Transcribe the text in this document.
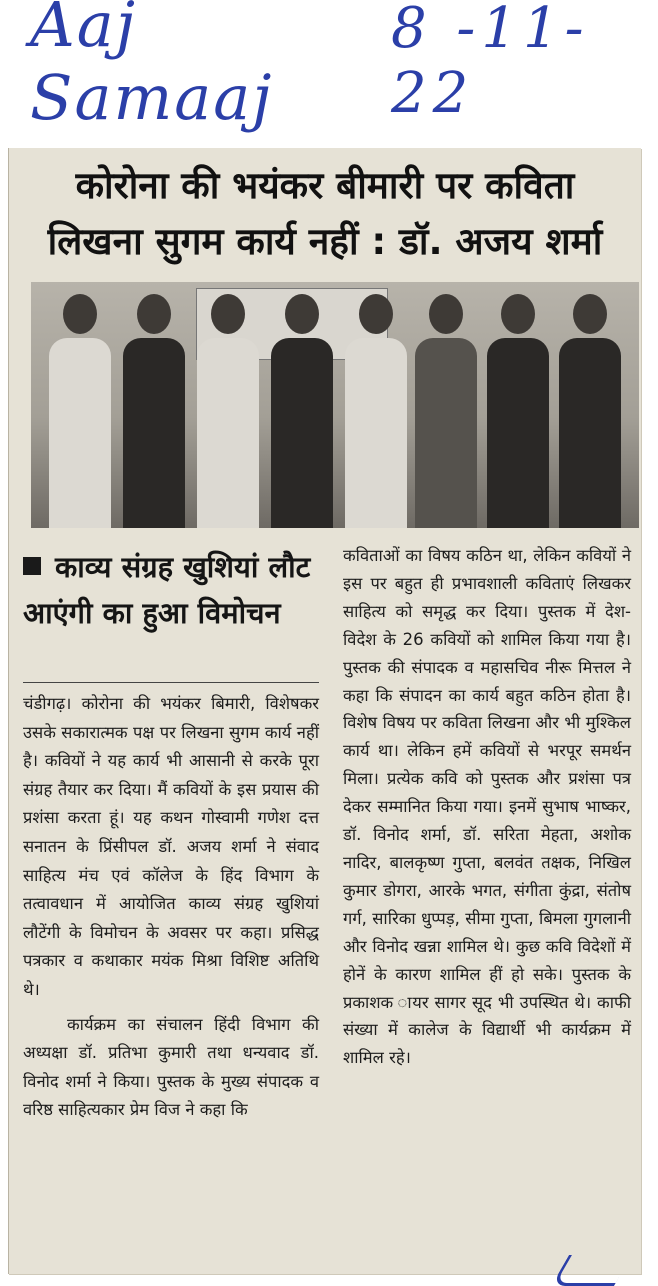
Aaj Samaaj
8 -11- 22
कोरोना की भयंकर बीमारी पर कविता
लिखना सुगम कार्य नहीं : डॉ. अजय शर्मा
काव्य संग्रह खुशियां लौट आएंगी का हुआ विमोचन

चंडीगढ़। कोरोना की भयंकर बिमारी, विशेषकर उसके सकारात्मक पक्ष पर लिखना सुगम कार्य नहीं है। कवियों ने यह कार्य भी आसानी से करके पूरा संग्रह तैयार कर दिया। मैं कवियों के इस प्रयास की प्रशंसा करता हूं। यह कथन गोस्वामी गणेश दत्त सनातन के प्रिंसीपल डॉ. अजय शर्मा ने संवाद साहित्य मंच एवं कॉलेज के हिंद विभाग के तत्वावधान में आयोजित काव्य संग्रह खुशियां लौटेंगी के विमोचन के अवसर पर कहा। प्रसिद्ध पत्रकार व कथाकार मयंक मिश्रा विशिष्ट अतिथि थे।

कार्यक्रम का संचालन हिंदी विभाग की अध्यक्षा डॉ. प्रतिभा कुमारी तथा धन्यवाद डॉ. विनोद शर्मा ने किया। पुस्तक के मुख्य संपादक व वरिष्ठ साहित्यकार प्रेम विज ने कहा कि

कविताओं का विषय कठिन था, लेकिन कवियों ने इस पर बहुत ही प्रभावशाली कविताएं लिखकर साहित्य को समृद्ध कर दिया। पुस्तक में देश-विदेश के 26 कवियों को शामिल किया गया है। पुस्तक की संपादक व महासचिव नीरू मित्तल ने कहा कि संपादन का कार्य बहुत कठिन होता है। विशेष विषय पर कविता लिखना और भी मुश्किल कार्य था। लेकिन हमें कवियों से भरपूर समर्थन मिला। प्रत्येक कवि को पुस्तक और प्रशंसा पत्र देकर सम्मानित किया गया। इनमें सुभाष भाष्कर, डॉ. विनोद शर्मा, डॉ. सरिता मेहता, अशोक नादिर, बालकृष्ण गुप्ता, बलवंत तक्षक, निखिल कुमार डोगरा, आरके भगत, संगीता कुंद्रा, संतोष गर्ग, सारिका धुप्पड़, सीमा गुप्ता, बिमला गुगलानी और विनोद खन्ना शामिल थे। कुछ कवि विदेशों में होनें के कारण शामिल हीं हो सके। पुस्तक के प्रकाशक ायर सागर सूद भी उपस्थित थे। काफी संख्या में कालेज के विद्यार्थी भी कार्यक्रम में शामिल रहे।
